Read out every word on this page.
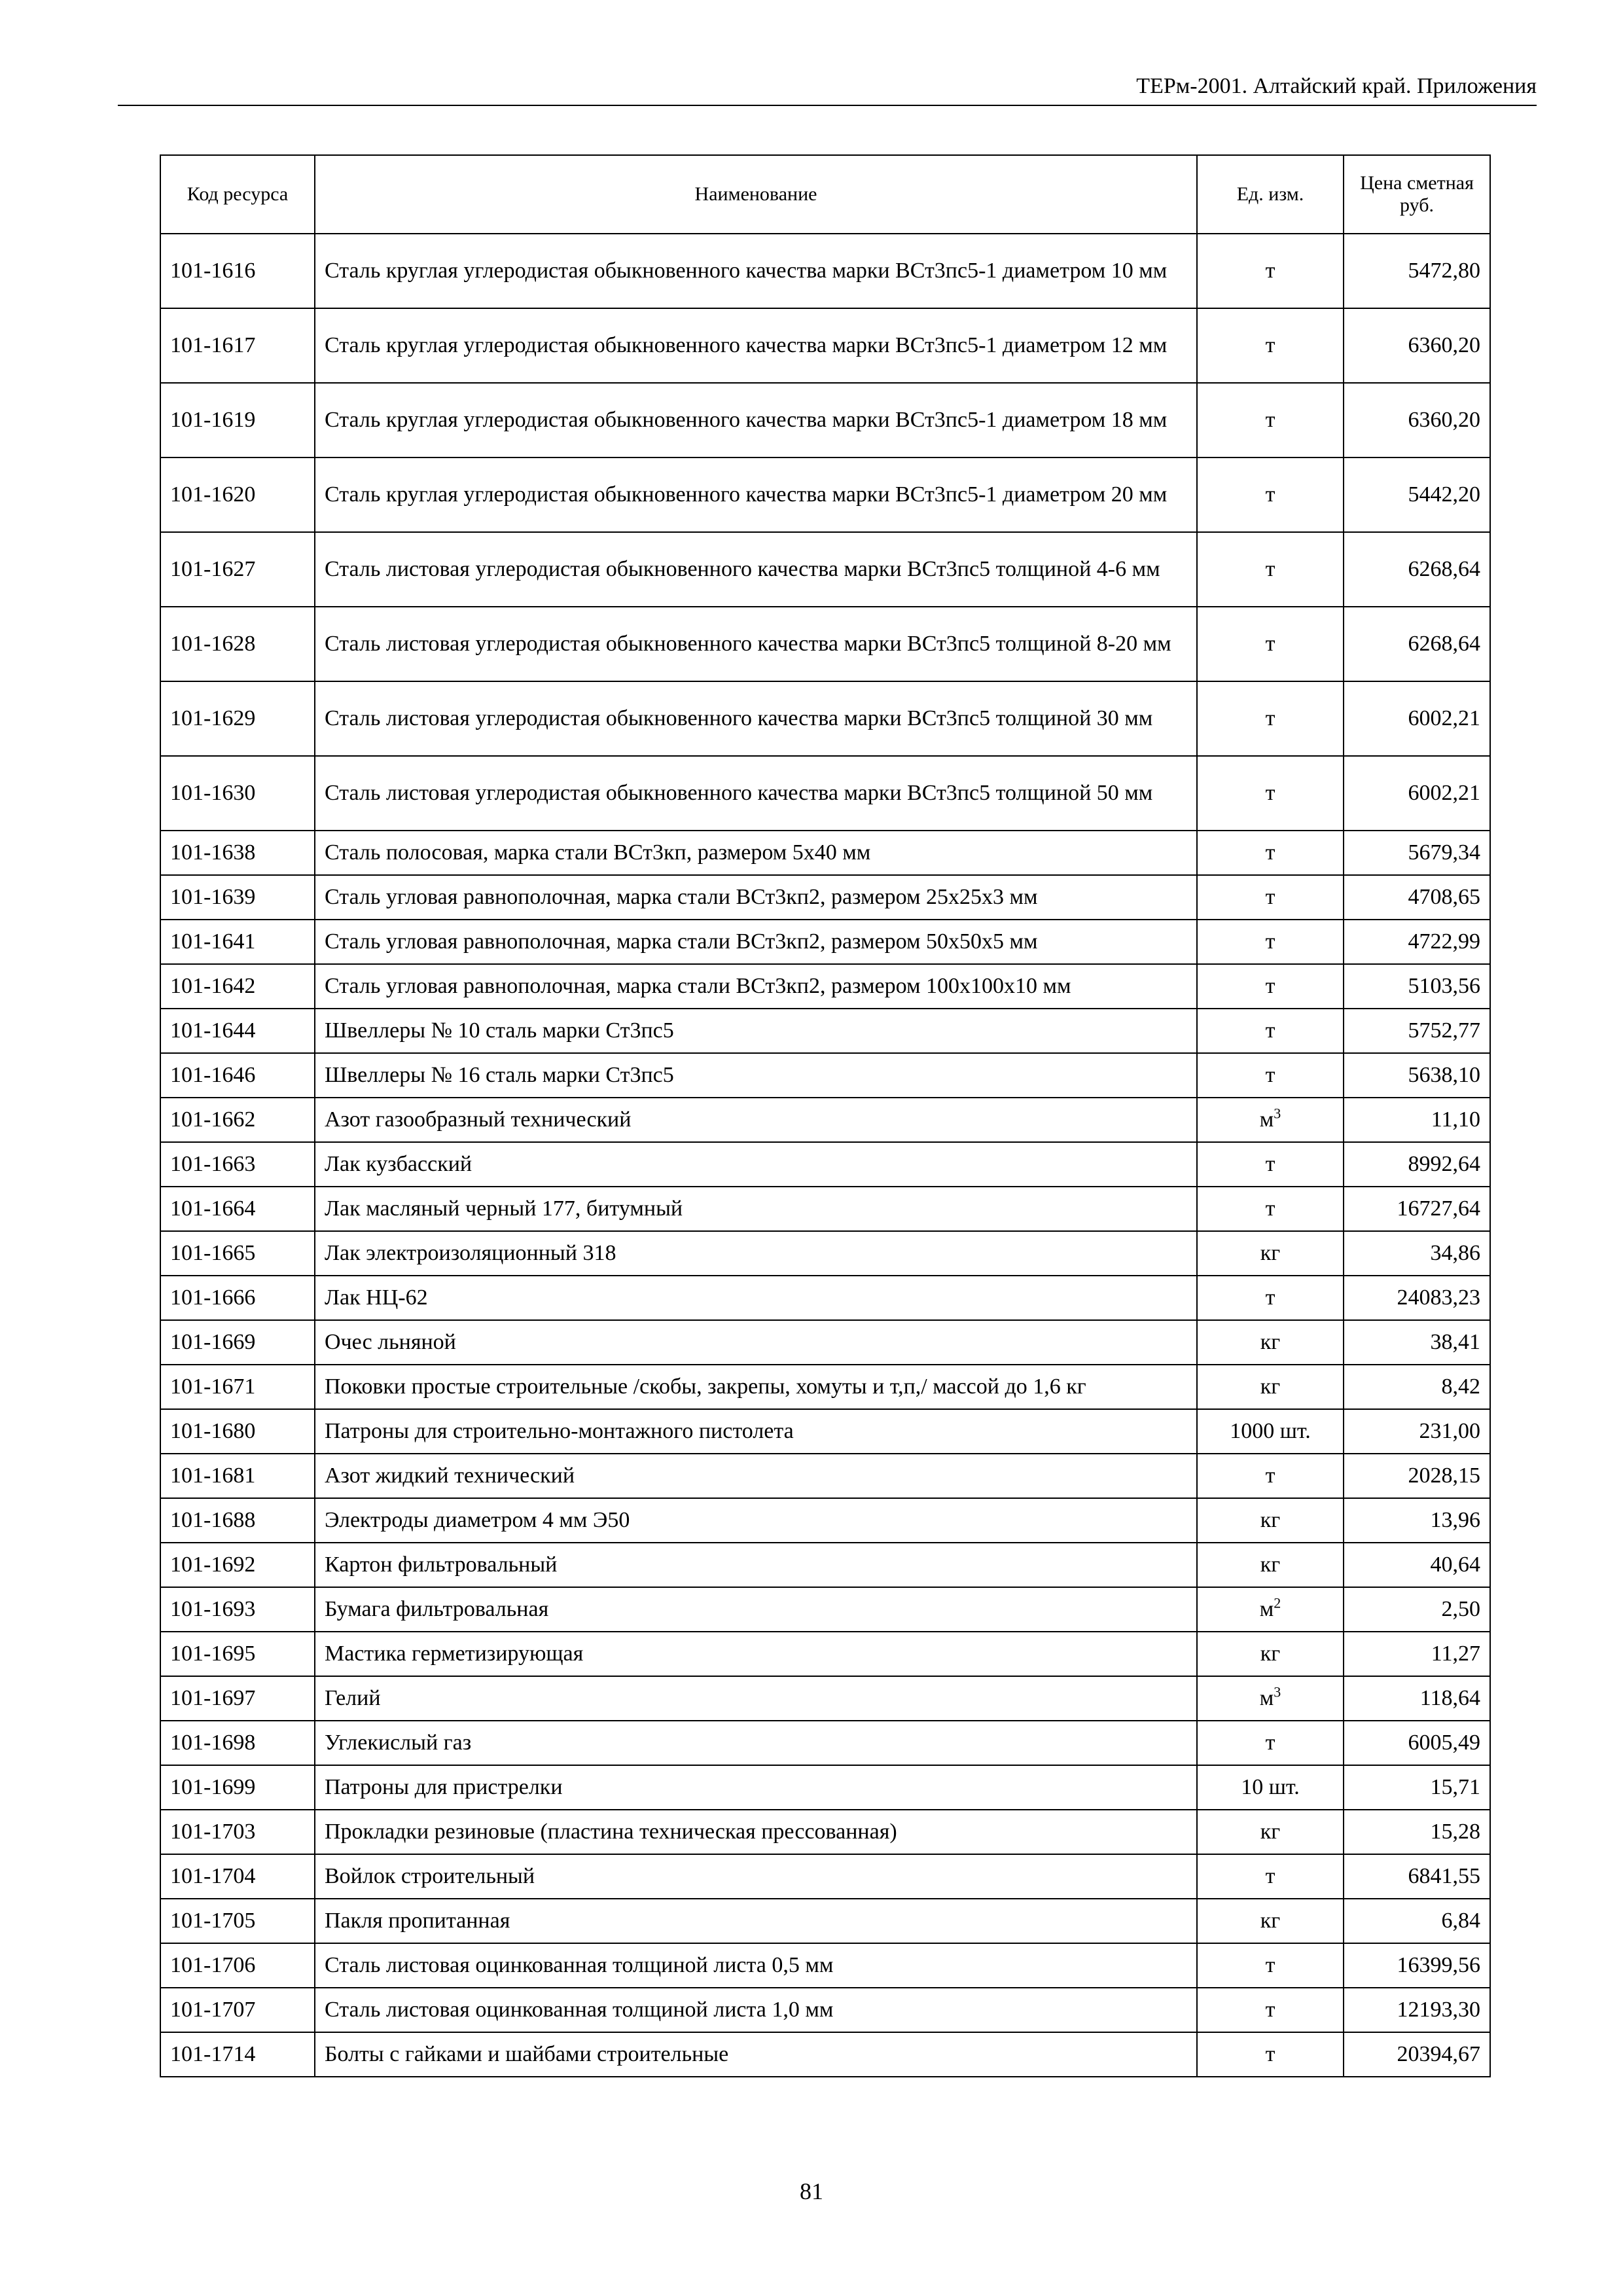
ТЕРм-2001. Алтайский край. Приложения
Код ресурса	Наименование	Ед. изм.	Цена сметная руб.
101-1616	Сталь круглая углеродистая обыкновенного качества марки ВСт3пс5-1 диаметром 10 мм	т	5472,80
101-1617	Сталь круглая углеродистая обыкновенного качества марки ВСт3пс5-1 диаметром 12 мм	т	6360,20
101-1619	Сталь круглая углеродистая обыкновенного качества марки ВСт3пс5-1 диаметром 18 мм	т	6360,20
101-1620	Сталь круглая углеродистая обыкновенного качества марки ВСт3пс5-1 диаметром 20 мм	т	5442,20
101-1627	Сталь листовая углеродистая обыкновенного качества марки ВСт3пс5 толщиной 4-6 мм	т	6268,64
101-1628	Сталь листовая углеродистая обыкновенного качества марки ВСт3пс5 толщиной 8-20 мм	т	6268,64
101-1629	Сталь листовая углеродистая обыкновенного качества марки ВСт3пс5 толщиной 30 мм	т	6002,21
101-1630	Сталь листовая углеродистая обыкновенного качества марки ВСт3пс5 толщиной 50 мм	т	6002,21
101-1638	Сталь полосовая, марка стали ВСт3кп, размером 5х40 мм	т	5679,34
101-1639	Сталь угловая равнополочная, марка стали ВСт3кп2, размером 25х25х3 мм	т	4708,65
101-1641	Сталь угловая равнополочная, марка стали ВСт3кп2, размером 50х50х5 мм	т	4722,99
101-1642	Сталь угловая равнополочная, марка стали ВСт3кп2, размером 100х100х10 мм	т	5103,56
101-1644	Швеллеры № 10 сталь марки Ст3пс5	т	5752,77
101-1646	Швеллеры № 16 сталь марки Ст3пс5	т	5638,10
101-1662	Азот газообразный технический	$м^3$	11,10
101-1663	Лак кузбасский	т	8992,64
101-1664	Лак масляный черный 177, битумный	т	16727,64
101-1665	Лак электроизоляционный 318	кг	34,86
101-1666	Лак НЦ-62	т	24083,23
101-1669	Очес льняной	кг	38,41
101-1671	Поковки простые строительные /скобы, закрепы, хомуты и т,п,/ массой до 1,6 кг	кг	8,42
101-1680	Патроны для строительно-монтажного пистолета	1000 шт.	231,00
101-1681	Азот жидкий технический	т	2028,15
101-1688	Электроды диаметром 4 мм Э50	кг	13,96
101-1692	Картон фильтровальный	кг	40,64
101-1693	Бумага фильтровальная	$м^2$	2,50
101-1695	Мастика герметизирующая	кг	11,27
101-1697	Гелий	$м^3$	118,64
101-1698	Углекислый газ	т	6005,49
101-1699	Патроны для пристрелки	10 шт.	15,71
101-1703	Прокладки резиновые (пластина техническая прессованная)	кг	15,28
101-1704	Войлок строительный	т	6841,55
101-1705	Пакля пропитанная	кг	6,84
101-1706	Сталь листовая оцинкованная толщиной листа 0,5 мм	т	16399,56
101-1707	Сталь листовая оцинкованная толщиной листа 1,0 мм	т	12193,30
101-1714	Болты с гайками и шайбами строительные	т	20394,67
81
